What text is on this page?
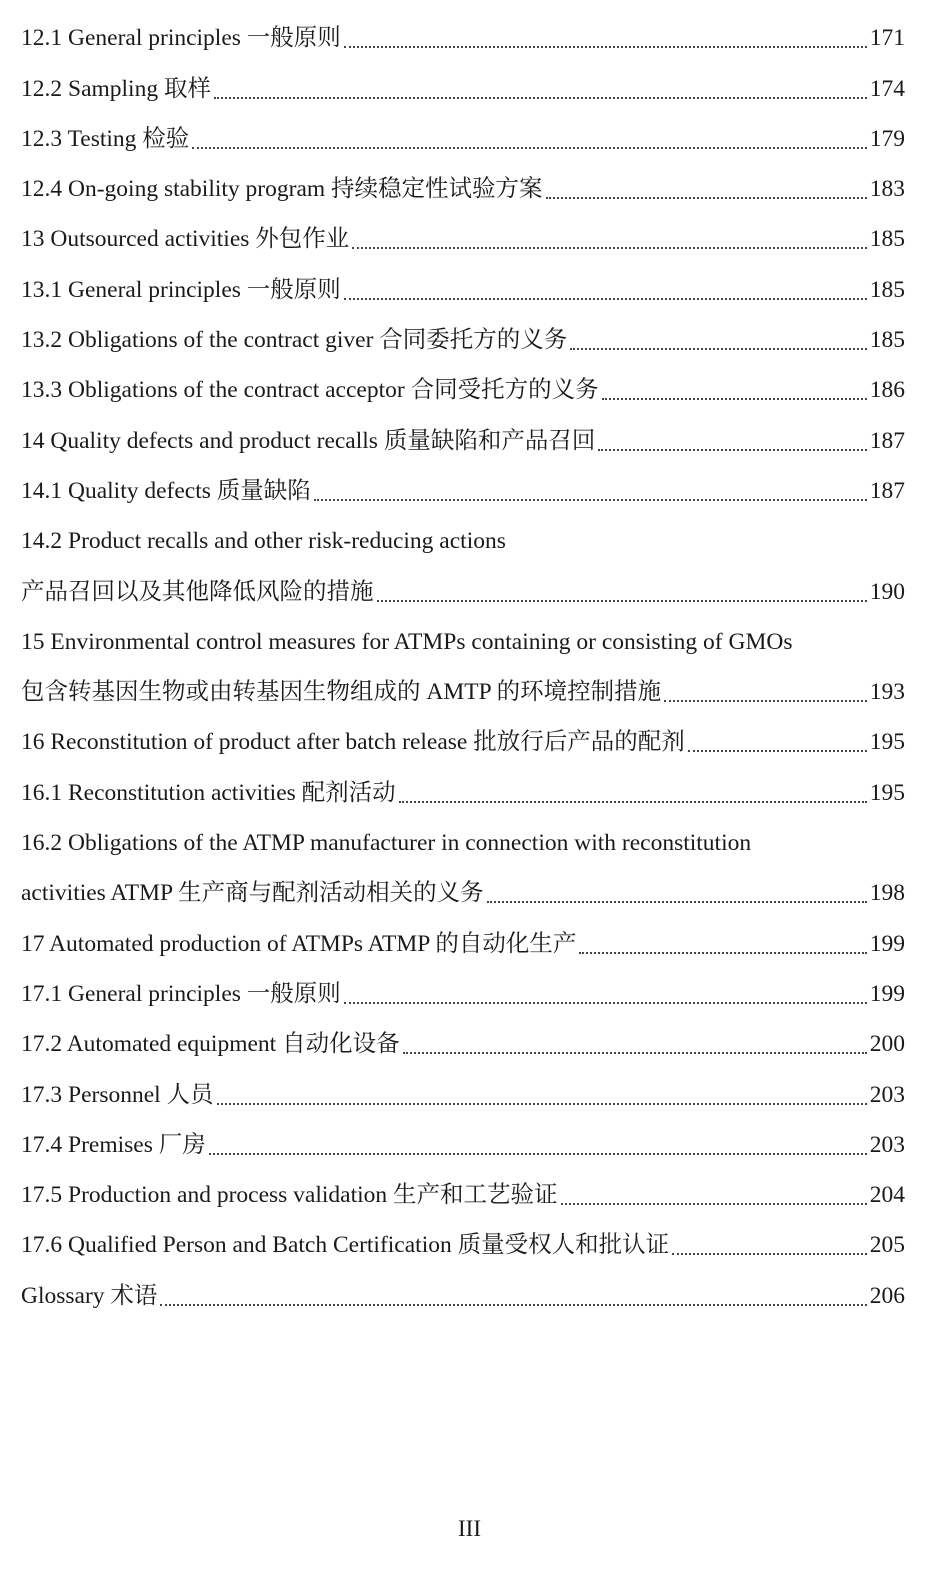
12.1 General principles 一般原则	171
12.2 Sampling 取样	174
12.3 Testing 检验	179
12.4 On-going stability program 持续稳定性试验方案	183
13 Outsourced activities 外包作业	185
13.1 General principles 一般原则	185
13.2 Obligations of the contract giver 合同委托方的义务	185
13.3 Obligations of the contract acceptor 合同受托方的义务	186
14 Quality defects and product recalls 质量缺陷和产品召回	187
14.1 Quality defects 质量缺陷	187
14.2 Product recalls and other risk-reducing actions
产品召回以及其他降低风险的措施	190
15 Environmental control measures for ATMPs containing or consisting of GMOs
包含转基因生物或由转基因生物组成的 AMTP 的环境控制措施	193
16 Reconstitution of product after batch release 批放行后产品的配剂	195
16.1 Reconstitution activities 配剂活动	195
16.2 Obligations of the ATMP manufacturer in connection with reconstitution
activities ATMP 生产商与配剂活动相关的义务	198
17 Automated production of ATMPs ATMP 的自动化生产	199
17.1 General principles 一般原则	199
17.2 Automated equipment 自动化设备	200
17.3 Personnel 人员	203
17.4 Premises 厂房	203
17.5 Production and process validation 生产和工艺验证	204
17.6 Qualified Person and Batch Certification 质量受权人和批认证	205
Glossary 术语	206
III
